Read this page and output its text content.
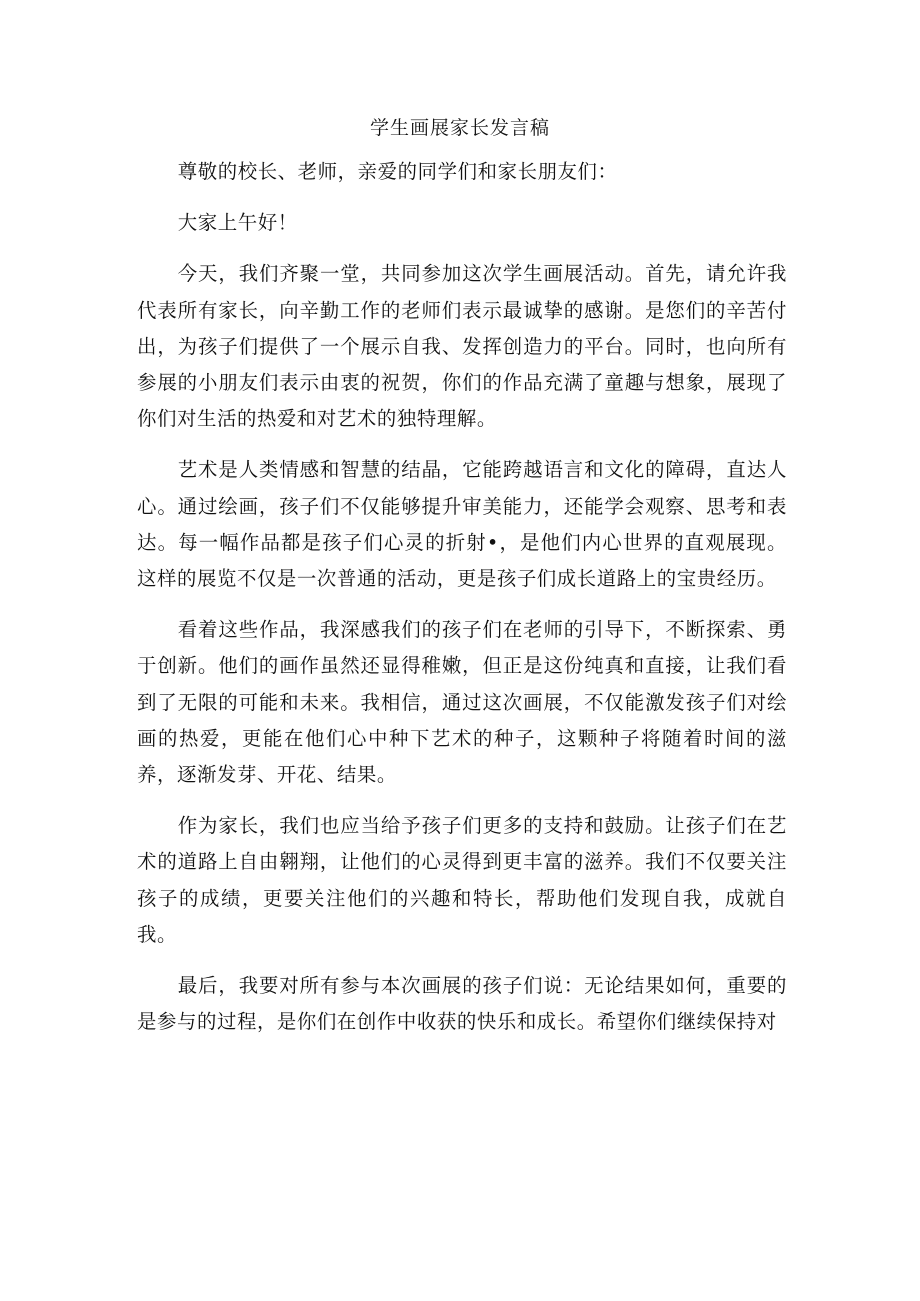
学生画展家长发言稿

尊敬的校长、老师，亲爱的同学们和家长朋友们：

大家上午好！

今天，我们齐聚一堂，共同参加这次学生画展活动。首先，请允许我代表所有家长，向辛勤工作的老师们表示最诚挚的感谢。是您们的辛苦付出，为孩子们提供了一个展示自我、发挥创造力的平台。同时，也向所有参展的小朋友们表示由衷的祝贺，你们的作品充满了童趣与想象，展现了你们对生活的热爱和对艺术的独特理解。

艺术是人类情感和智慧的结晶，它能跨越语言和文化的障碍，直达人心。通过绘画，孩子们不仅能够提升审美能力，还能学会观察、思考和表达。每一幅作品都是孩子们心灵的折射•，是他们内心世界的直观展现。这样的展览不仅是一次普通的活动，更是孩子们成长道路上的宝贵经历。

看着这些作品，我深感我们的孩子们在老师的引导下，不断探索、勇于创新。他们的画作虽然还显得稚嫩，但正是这份纯真和直接，让我们看到了无限的可能和未来。我相信，通过这次画展，不仅能激发孩子们对绘画的热爱，更能在他们心中种下艺术的种子，这颗种子将随着时间的滋养，逐渐发芽、开花、结果。

作为家长，我们也应当给予孩子们更多的支持和鼓励。让孩子们在艺术的道路上自由翱翔，让他们的心灵得到更丰富的滋养。我们不仅要关注孩子的成绩，更要关注他们的兴趣和特长，帮助他们发现自我，成就自我。

最后，我要对所有参与本次画展的孩子们说：无论结果如何，重要的是参与的过程，是你们在创作中收获的快乐和成长。希望你们继续保持对
